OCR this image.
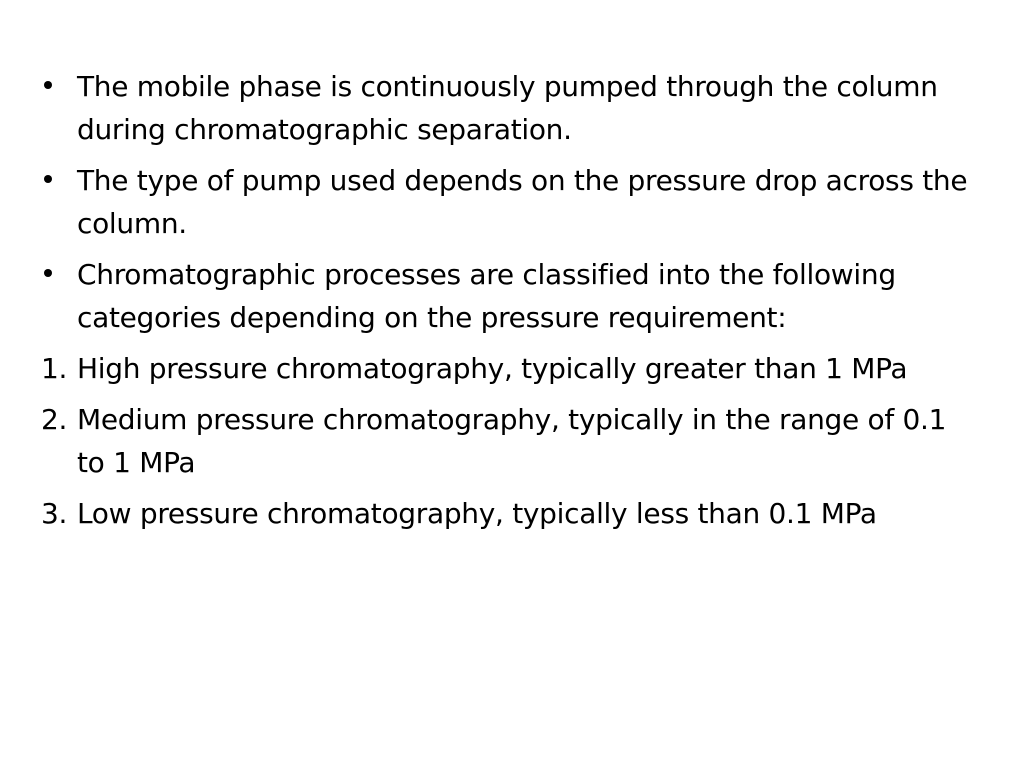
The mobile phase is continuously pumped through the column during chromatographic separation.
The type of pump used depends on the pressure drop across the column.
Chromatographic processes are classified into the following categories depending on the pressure requirement:
1. High pressure chromatography, typically greater than 1 MPa
2. Medium pressure chromatography, typically in the range of 0.1 to 1 MPa
3. Low pressure chromatography, typically less than 0.1 MPa
